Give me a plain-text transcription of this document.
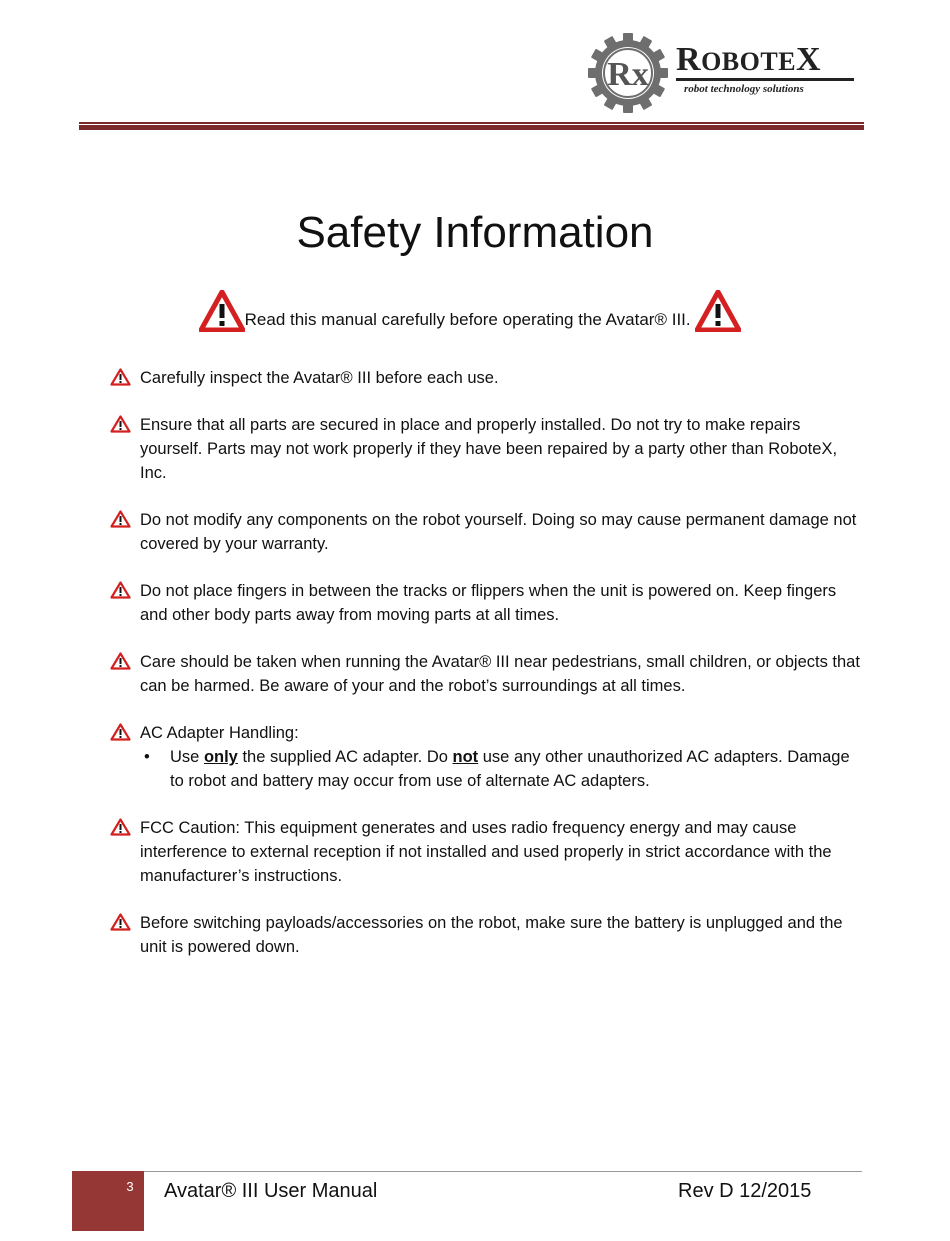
Rx ROBOTEX
robot technology solutions
Safety Information
Read this manual carefully before operating the Avatar® III.
Carefully inspect the Avatar® III before each use.
Ensure that all parts are secured in place and properly installed. Do not try to make repairs yourself. Parts may not work properly if they have been repaired by a party other than RoboteX, Inc.
Do not modify any components on the robot yourself. Doing so may cause permanent damage not covered by your warranty.
Do not place fingers in between the tracks or flippers when the unit is powered on. Keep fingers and other body parts away from moving parts at all times.
Care should be taken when running the Avatar® III near pedestrians, small children, or objects that can be harmed. Be aware of your and the robot’s surroundings at all times.
AC Adapter Handling:
• Use only the supplied AC adapter. Do not use any other unauthorized AC adapters. Damage to robot and battery may occur from use of alternate AC adapters.
FCC Caution: This equipment generates and uses radio frequency energy and may cause interference to external reception if not installed and used properly in strict accordance with the manufacturer’s instructions.
Before switching payloads/accessories on the robot, make sure the battery is unplugged and the unit is powered down.
3	Avatar® III User Manual	Rev D 12/2015
